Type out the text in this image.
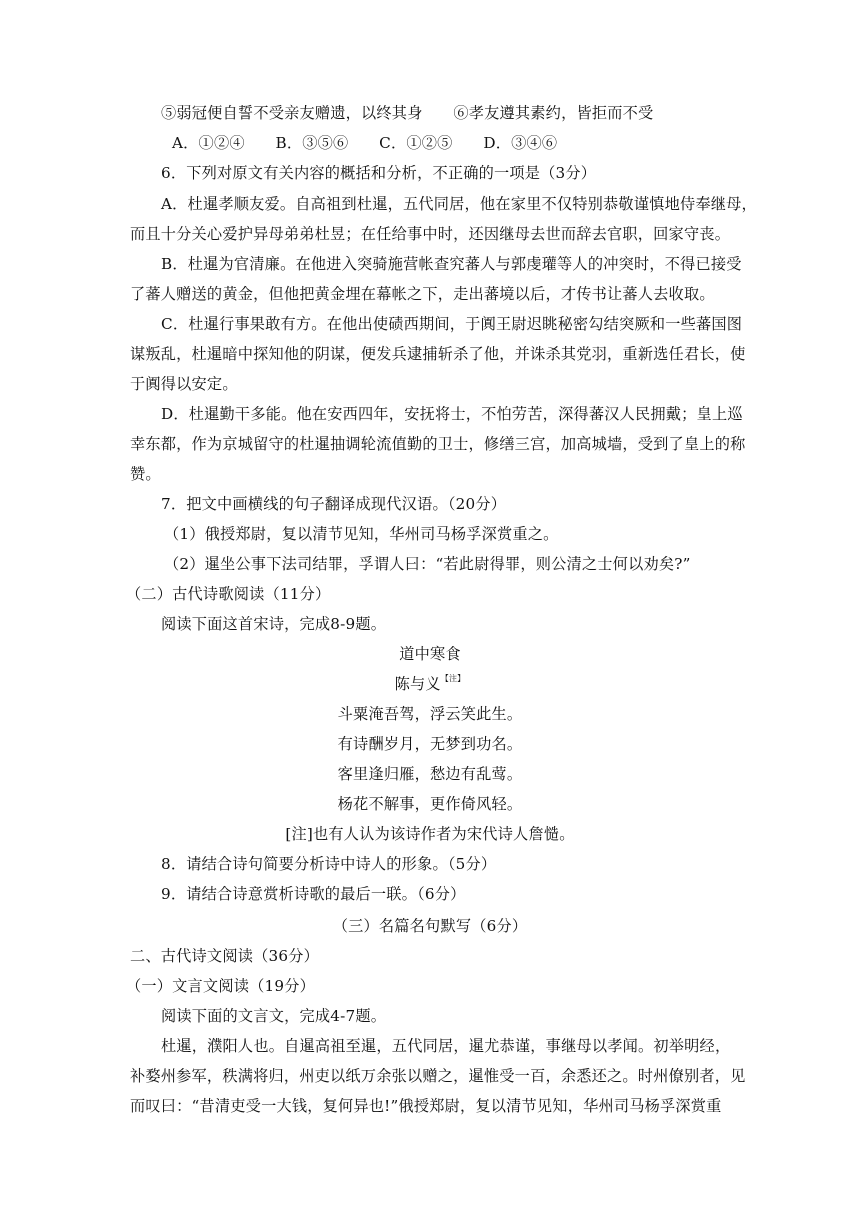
⑤弱冠便自誓不受亲友赠遗，以终其身　　⑥孝友遵其素约，皆拒而不受
A．①②④　　B．③⑤⑥　　C．①②⑤　　D．③④⑥
6．下列对原文有关内容的概括和分析，不正确的一项是（3分）
A．杜暹孝顺友爱。自高祖到杜暹，五代同居，他在家里不仅特别恭敬谨慎地侍奉继母，
而且十分关心爱护异母弟弟杜昱；在任给事中时，还因继母去世而辞去官职，回家守丧。
B．杜暹为官清廉。在他进入突骑施营帐查究蕃人与郭虔瓘等人的冲突时，不得已接受
了蕃人赠送的黄金，但他把黄金埋在幕帐之下，走出蕃境以后，才传书让蕃人去收取。
C．杜暹行事果敢有方。在他出使碛西期间，于阗王尉迟眺秘密勾结突厥和一些蕃国图
谋叛乱，杜暹暗中探知他的阴谋，便发兵逮捕斩杀了他，并诛杀其党羽，重新选任君长，使
于阗得以安定。
D．杜暹勤干多能。他在安西四年，安抚将士，不怕劳苦，深得蕃汉人民拥戴；皇上巡
幸东都，作为京城留守的杜暹抽调轮流值勤的卫士，修缮三宫，加高城墙，受到了皇上的称
赞。
7．把文中画横线的句子翻译成现代汉语。（20分）
（1）俄授郑尉，复以清节见知，华州司马杨孚深赏重之。
（2）暹坐公事下法司结罪，孚谓人曰：“若此尉得罪，则公清之士何以劝矣?”
（二）古代诗歌阅读（11分）
阅读下面这首宋诗，完成8-9题。
道中寒食
陈与义$^{【注】}$
斗粟淹吾驾，浮云笑此生。
有诗酬岁月，无梦到功名。
客里逢归雁，愁边有乱莺。
杨花不解事，更作倚风轻。
[注]也有人认为该诗作者为宋代诗人詹慥。
8．请结合诗句简要分析诗中诗人的形象。（5分）
9．请结合诗意赏析诗歌的最后一联。（6分）
（三）名篇名句默写（6分）
二、古代诗文阅读（36分）
（一）文言文阅读（19分）
阅读下面的文言文，完成4-7题。
杜暹，濮阳人也。自暹高祖至暹，五代同居，暹尤恭谨，事继母以孝闻。初举明经，
补婺州参军，秩满将归，州吏以纸万余张以赠之，暹惟受一百，余悉还之。时州僚别者，见
而叹曰：“昔清吏受一大钱，复何异也!”俄授郑尉，复以清节见知，华州司马杨孚深赏重
